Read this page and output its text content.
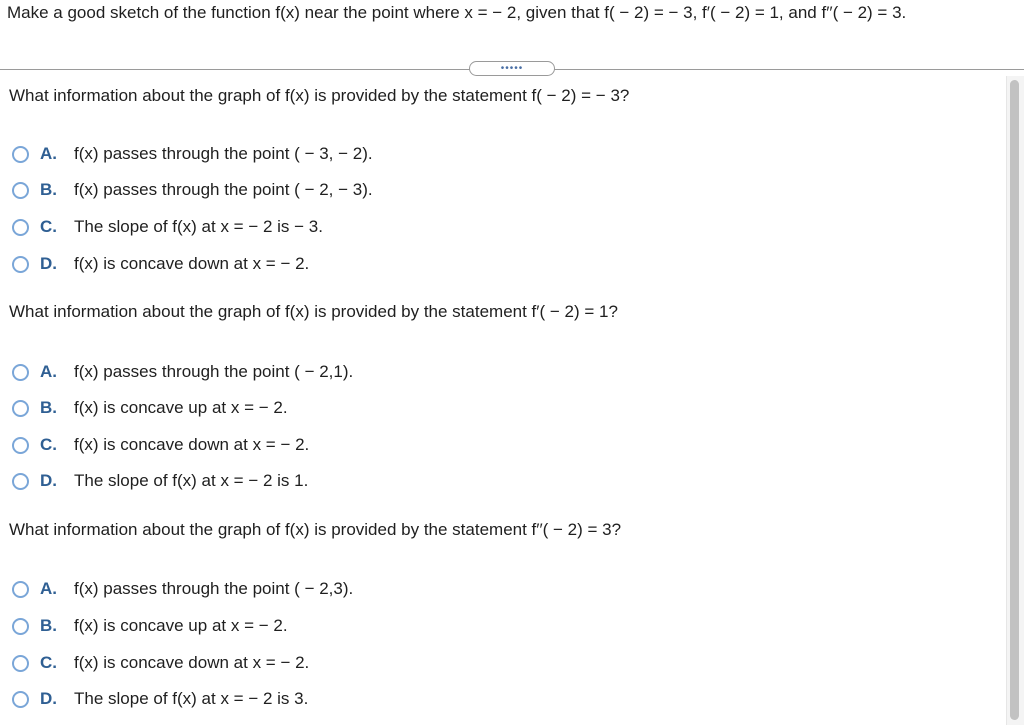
Make a good sketch of the function f(x) near the point where x = − 2, given that f( − 2) = − 3, f′( − 2) = 1, and f′′( − 2) = 3.
•••••
What information about the graph of f(x) is provided by the statement f( − 2) = − 3?
A.	f(x) passes through the point ( − 3, − 2).
B.	f(x) passes through the point ( − 2, − 3).
C.	The slope of f(x) at x = − 2 is − 3.
D.	f(x) is concave down at x = − 2.
What information about the graph of f(x) is provided by the statement f′( − 2) = 1?
A.	f(x) passes through the point ( − 2,1).
B.	f(x) is concave up at x = − 2.
C.	f(x) is concave down at x = − 2.
D.	The slope of f(x) at x = − 2 is 1.
What information about the graph of f(x) is provided by the statement f′′( − 2) = 3?
A.	f(x) passes through the point ( − 2,3).
B.	f(x) is concave up at x = − 2.
C.	f(x) is concave down at x = − 2.
D.	The slope of f(x) at x = − 2 is 3.
